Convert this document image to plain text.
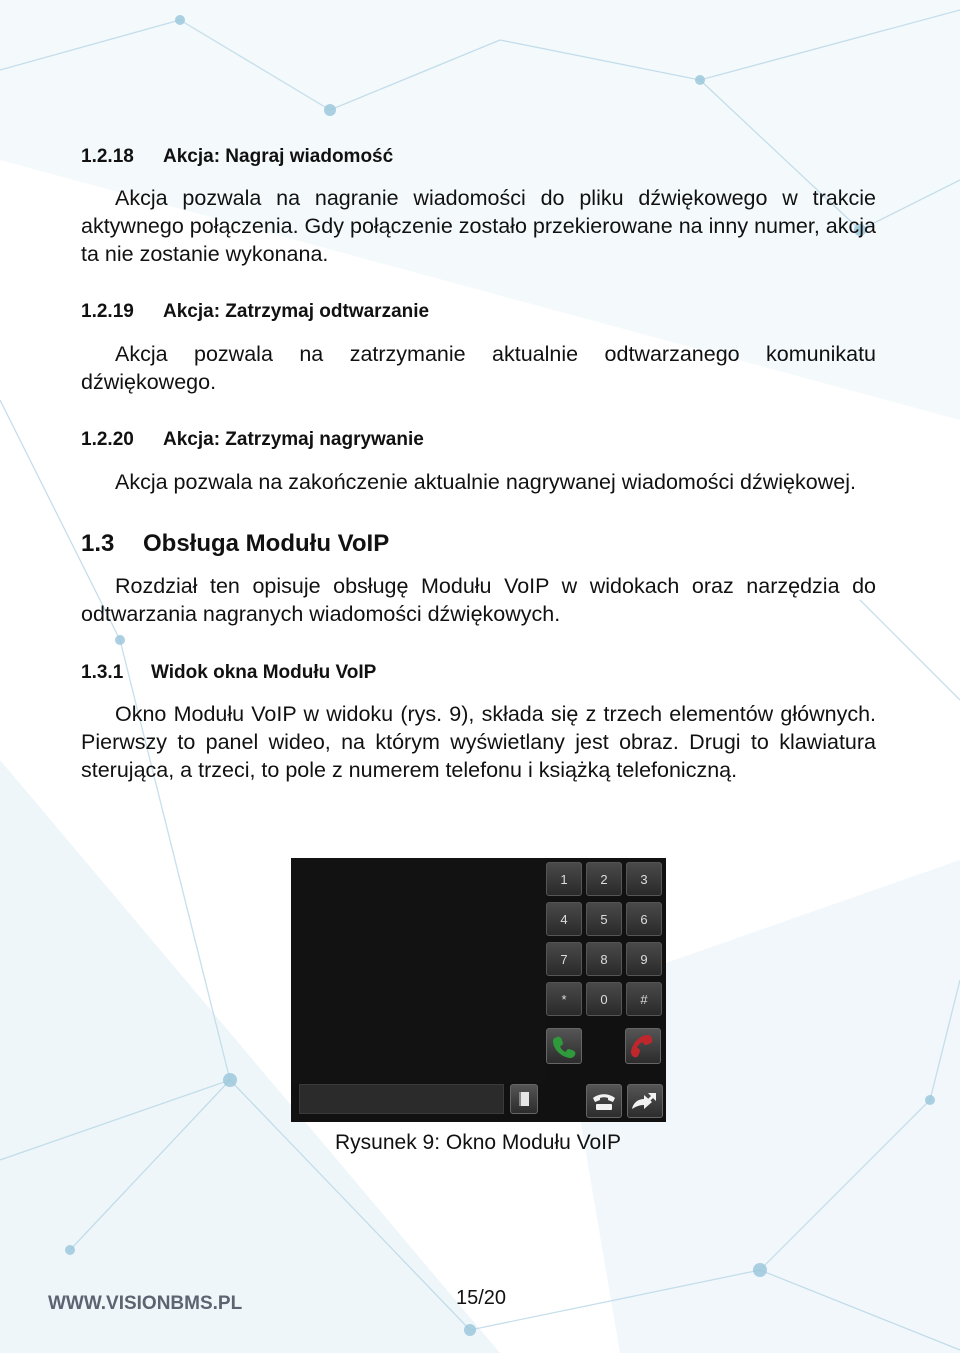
1.2.18 Akcja: Nagraj wiadomość

Akcja pozwala na nagranie wiadomości do pliku dźwiękowego w trakcie aktywnego połączenia. Gdy połączenie zostało przekierowane na inny numer, akcja ta nie zostanie wykonana.

1.2.19 Akcja: Zatrzymaj odtwarzanie

Akcja pozwala na zatrzymanie aktualnie odtwarzanego komunikatu dźwiękowego.

1.2.20 Akcja: Zatrzymaj nagrywanie

Akcja pozwala na zakończenie aktualnie nagrywanej wiadomości dźwiękowej.

1.3 Obsługa Modułu VoIP

Rozdział ten opisuje obsługę Modułu VoIP w widokach oraz narzędzia do odtwarzania nagranych wiadomości dźwiękowych.

1.3.1 Widok okna Modułu VoIP

Okno Modułu VoIP w widoku (rys. 9), składa się z trzech elementów głównych. Pierwszy to panel wideo, na którym wyświetlany jest obraz. Drugi to klawiatura sterująca, a trzeci, to pole z numerem telefonu i książką telefoniczną.

1	2	3
4	5	6
7	8	9
*	0	#
Rysunek 9: Okno Modułu VoIP
WWW.VISIONBMS.PL	15/20
